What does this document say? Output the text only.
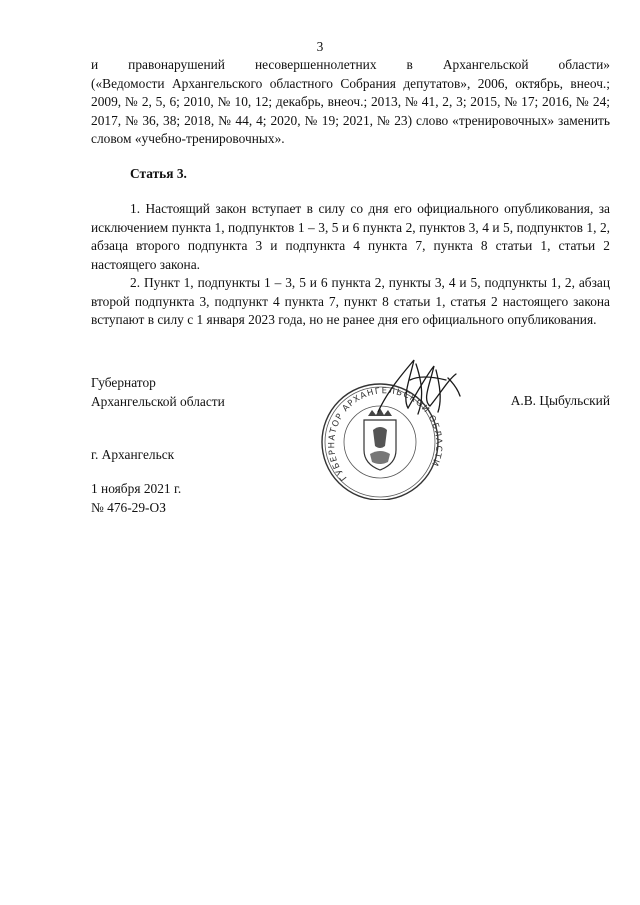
3

и правонарушений несовершеннолетних в Архангельской области»

(«Ведомости Архангельского областного Собрания депутатов», 2006, октябрь, внеоч.; 2009, № 2, 5, 6; 2010, № 10, 12; декабрь, внеоч.; 2013, № 41, 2, 3; 2015, № 17; 2016, № 24; 2017, № 36, 38; 2018, № 44, 4; 2020, № 19; 2021, № 23) слово «тренировочных» заменить словом «учебно-тренировочных».

Статья 3.

1. Настоящий закон вступает в силу со дня его официального опубликования, за исключением пункта 1, подпунктов 1 – 3, 5 и 6 пункта 2, пунктов 3, 4 и 5, подпунктов 1, 2, абзаца второго подпункта 3 и подпункта 4 пункта 7, пункта 8 статьи 1, статьи 2 настоящего закона.

2. Пункт 1, подпункты 1 – 3, 5 и 6 пункта 2, пункты 3, 4 и 5, подпункты 1, 2, абзац второй подпункта 3, подпункт 4 пункта 7, пункт 8 статьи 1, статья 2 настоящего закона вступают в силу с 1 января 2023 года, но не ранее дня его официального опубликования.

Губернатор
Архангельской области
ГУБЕРНАТОР АРХАНГЕЛЬСКОЙ ОБЛАСТИ
А.В. Цыбульский
г. Архангельск
1 ноября 2021 г.
№ 476-29-ОЗ
